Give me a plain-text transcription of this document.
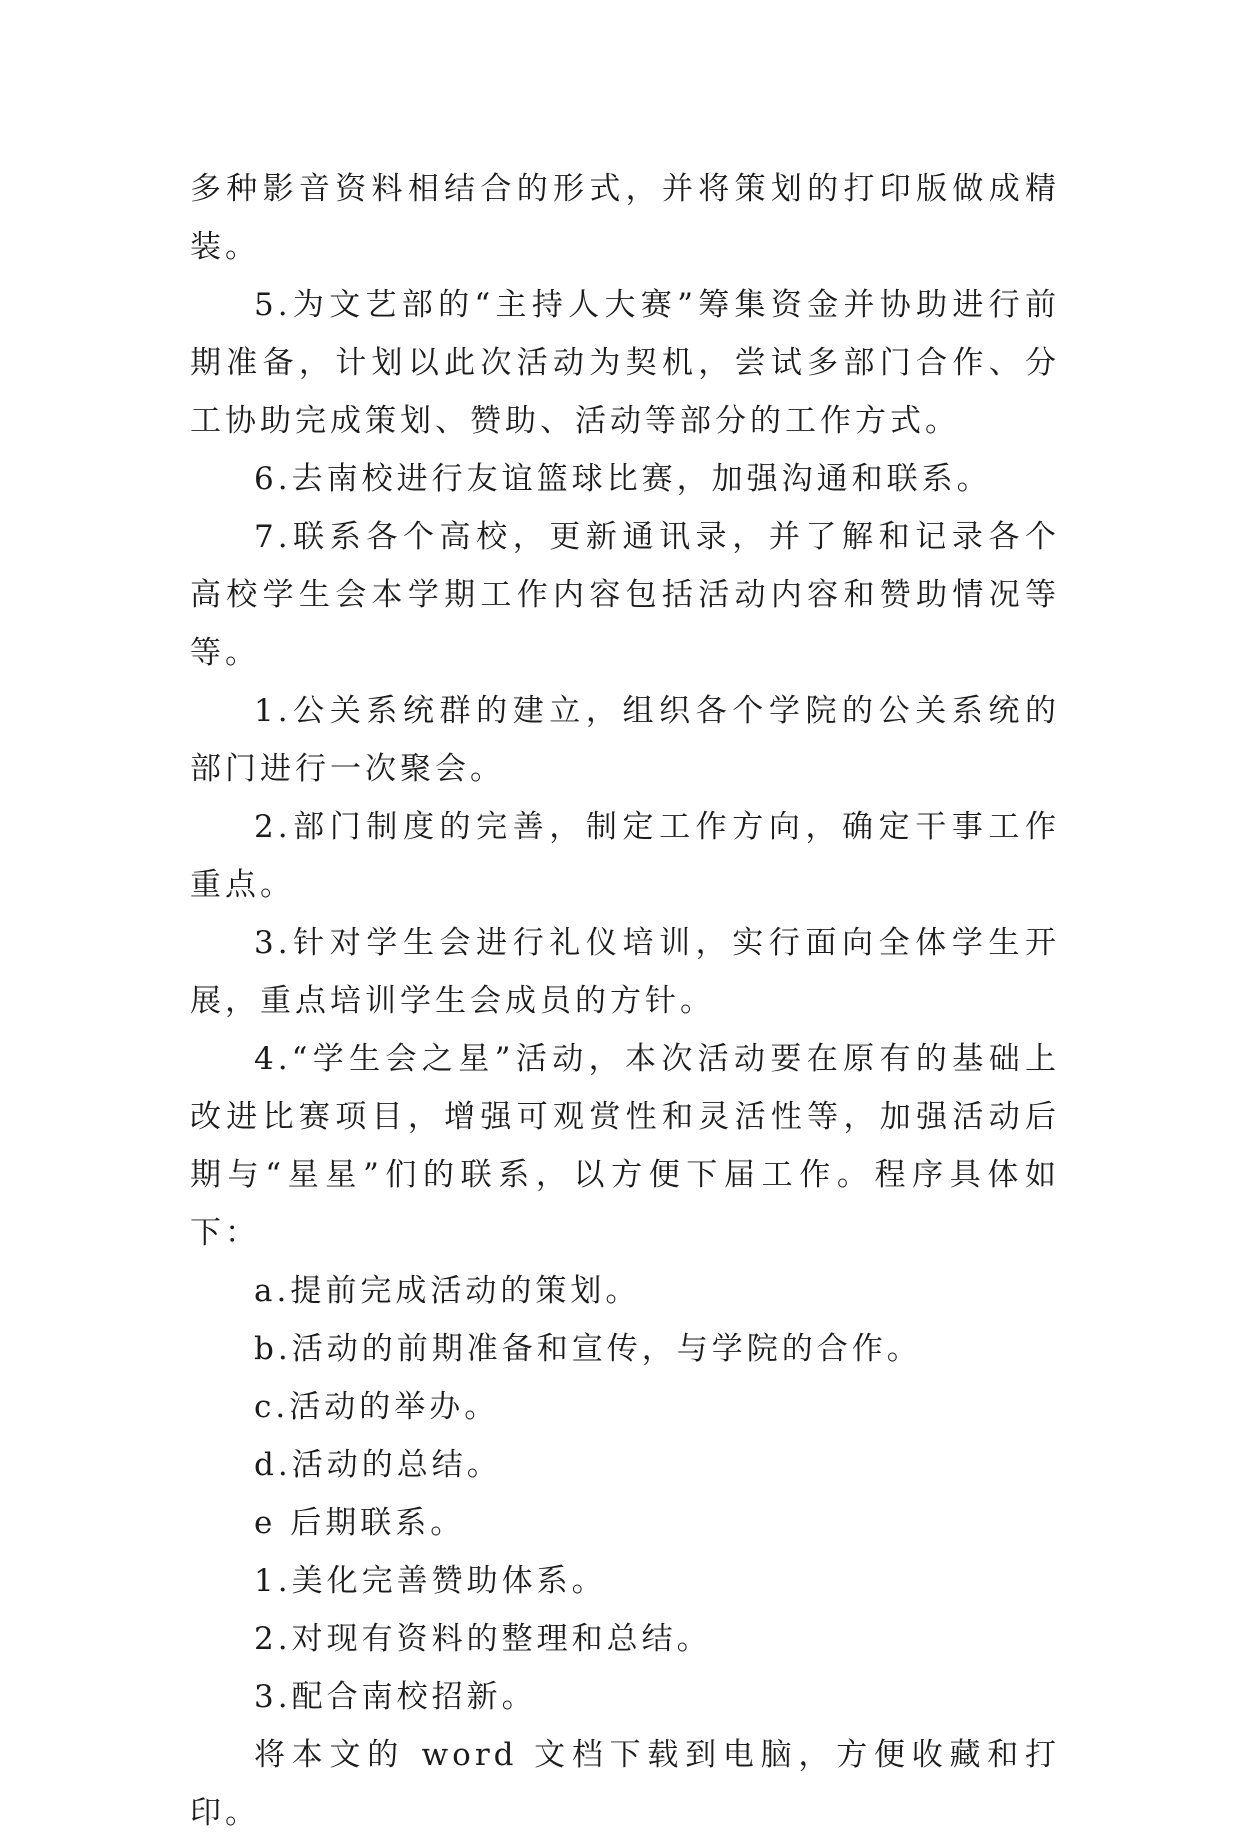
多种影音资料相结合的形式，并将策划的打印版做成精装。

5.为文艺部的“主持人大赛”筹集资金并协助进行前期准备，计划以此次活动为契机，尝试多部门合作、分工协助完成策划、赞助、活动等部分的工作方式。

6.去南校进行友谊篮球比赛，加强沟通和联系。

7.联系各个高校，更新通讯录，并了解和记录各个高校学生会本学期工作内容包括活动内容和赞助情况等等。

1.公关系统群的建立，组织各个学院的公关系统的部门进行一次聚会。

2.部门制度的完善，制定工作方向，确定干事工作重点。

3.针对学生会进行礼仪培训，实行面向全体学生开展，重点培训学生会成员的方针。

4.“学生会之星”活动，本次活动要在原有的基础上改进比赛项目，增强可观赏性和灵活性等，加强活动后期与“星星”们的联系，以方便下届工作。程序具体如下：

a.提前完成活动的策划。

b.活动的前期准备和宣传，与学院的合作。

c.活动的举办。

d.活动的总结。

e 后期联系。

1.美化完善赞助体系。

2.对现有资料的整理和总结。

3.配合南校招新。

将本文的 word 文档下载到电脑，方便收藏和打印。
